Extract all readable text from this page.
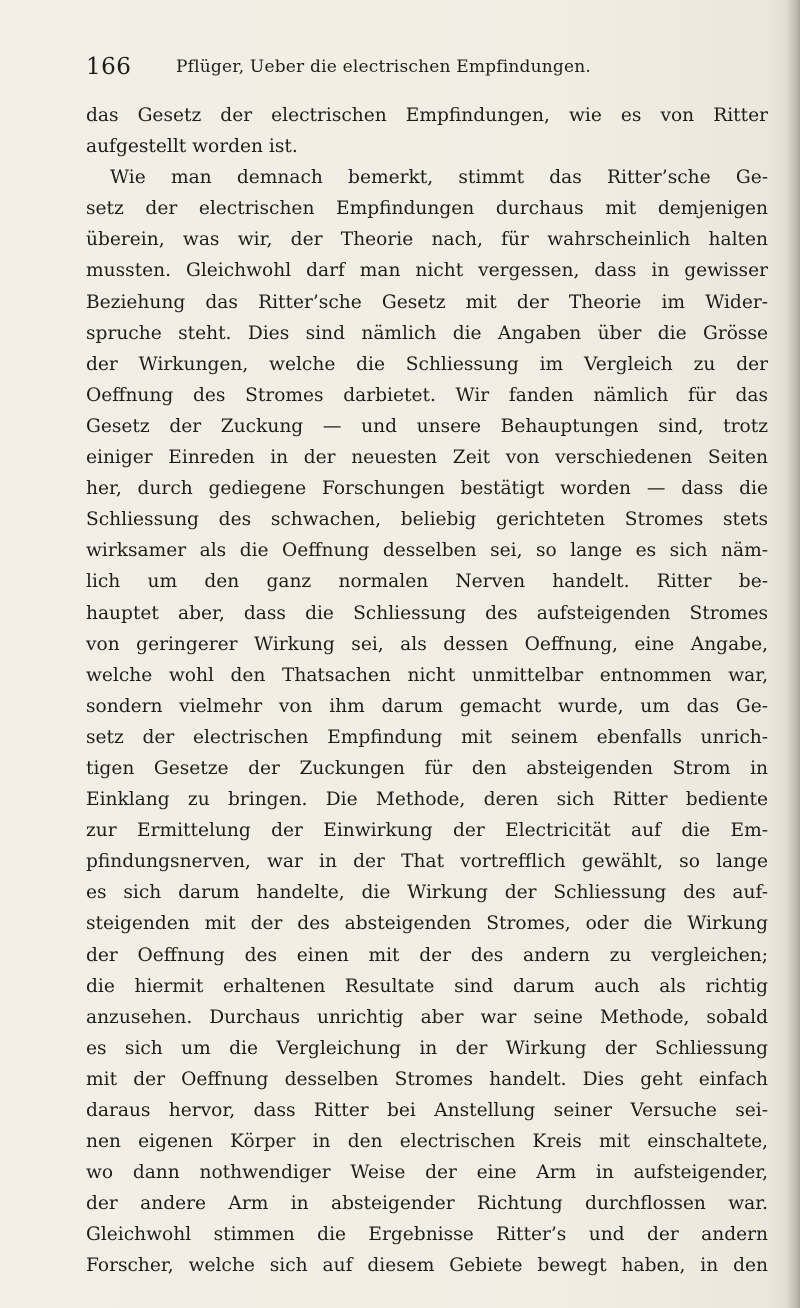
166	Pflüger, Ueber die electrischen Empfindungen.
das Gesetz der electrischen Empfindungen, wie es von Ritter
aufgestellt worden ist.
Wie man demnach bemerkt, stimmt das Ritter’sche Ge-
setz der electrischen Empfindungen durchaus mit demjenigen
überein, was wir, der Theorie nach, für wahrscheinlich halten
mussten. Gleichwohl darf man nicht vergessen, dass in gewisser
Beziehung das Ritter’sche Gesetz mit der Theorie im Wider-
spruche steht. Dies sind nämlich die Angaben über die Grösse
der Wirkungen, welche die Schliessung im Vergleich zu der
Oeffnung des Stromes darbietet. Wir fanden nämlich für das
Gesetz der Zuckung — und unsere Behauptungen sind, trotz
einiger Einreden in der neuesten Zeit von verschiedenen Seiten
her, durch gediegene Forschungen bestätigt worden — dass die
Schliessung des schwachen, beliebig gerichteten Stromes stets
wirksamer als die Oeffnung desselben sei, so lange es sich näm-
lich um den ganz normalen Nerven handelt. Ritter be-
hauptet aber, dass die Schliessung des aufsteigenden Stromes
von geringerer Wirkung sei, als dessen Oeffnung, eine Angabe,
welche wohl den Thatsachen nicht unmittelbar entnommen war,
sondern vielmehr von ihm darum gemacht wurde, um das Ge-
setz der electrischen Empfindung mit seinem ebenfalls unrich-
tigen Gesetze der Zuckungen für den absteigenden Strom in
Einklang zu bringen. Die Methode, deren sich Ritter bediente
zur Ermittelung der Einwirkung der Electricität auf die Em-
pfindungsnerven, war in der That vortrefflich gewählt, so lange
es sich darum handelte, die Wirkung der Schliessung des auf-
steigenden mit der des absteigenden Stromes, oder die Wirkung
der Oeffnung des einen mit der des andern zu vergleichen;
die hiermit erhaltenen Resultate sind darum auch als richtig
anzusehen. Durchaus unrichtig aber war seine Methode, sobald
es sich um die Vergleichung in der Wirkung der Schliessung
mit der Oeffnung desselben Stromes handelt. Dies geht einfach
daraus hervor, dass Ritter bei Anstellung seiner Versuche sei-
nen eigenen Körper in den electrischen Kreis mit einschaltete,
wo dann nothwendiger Weise der eine Arm in aufsteigender,
der andere Arm in absteigender Richtung durchflossen war.
Gleichwohl stimmen die Ergebnisse Ritter’s und der andern
Forscher, welche sich auf diesem Gebiete bewegt haben, in den
